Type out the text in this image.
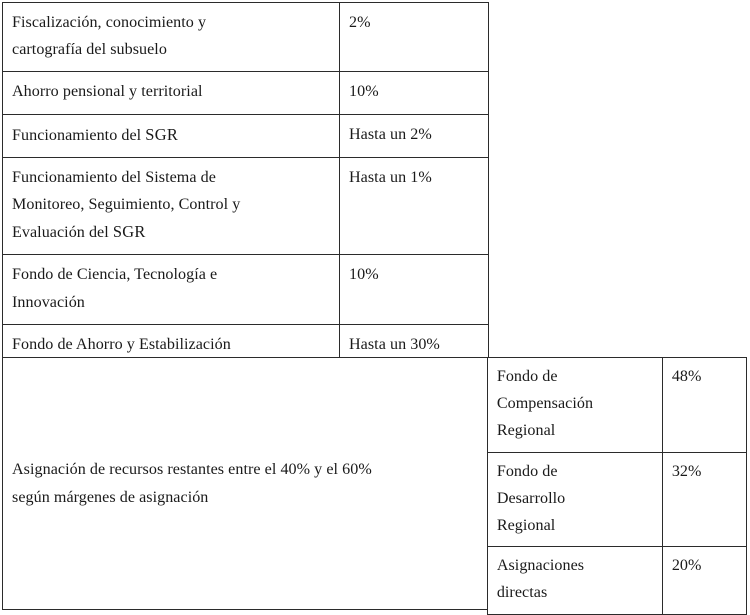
Fiscalización, conocimiento y
cartografía del subsuelo	2%
Ahorro pensional y territorial	10%
Funcionamiento del SGR	Hasta un 2%
Funcionamiento del Sistema de
Monitoreo, Seguimiento, Control y
Evaluación del SGR	Hasta un 1%
Fondo de Ciencia, Tecnología e
Innovación	10%
Fondo de Ahorro y Estabilización	Hasta un 30%
Asignación de recursos restantes entre el 40% y el 60%
según márgenes de asignación
Fondo de
Compensación
Regional	48%
Fondo de
Desarrollo
Regional	32%
Asignaciones
directas	20%
